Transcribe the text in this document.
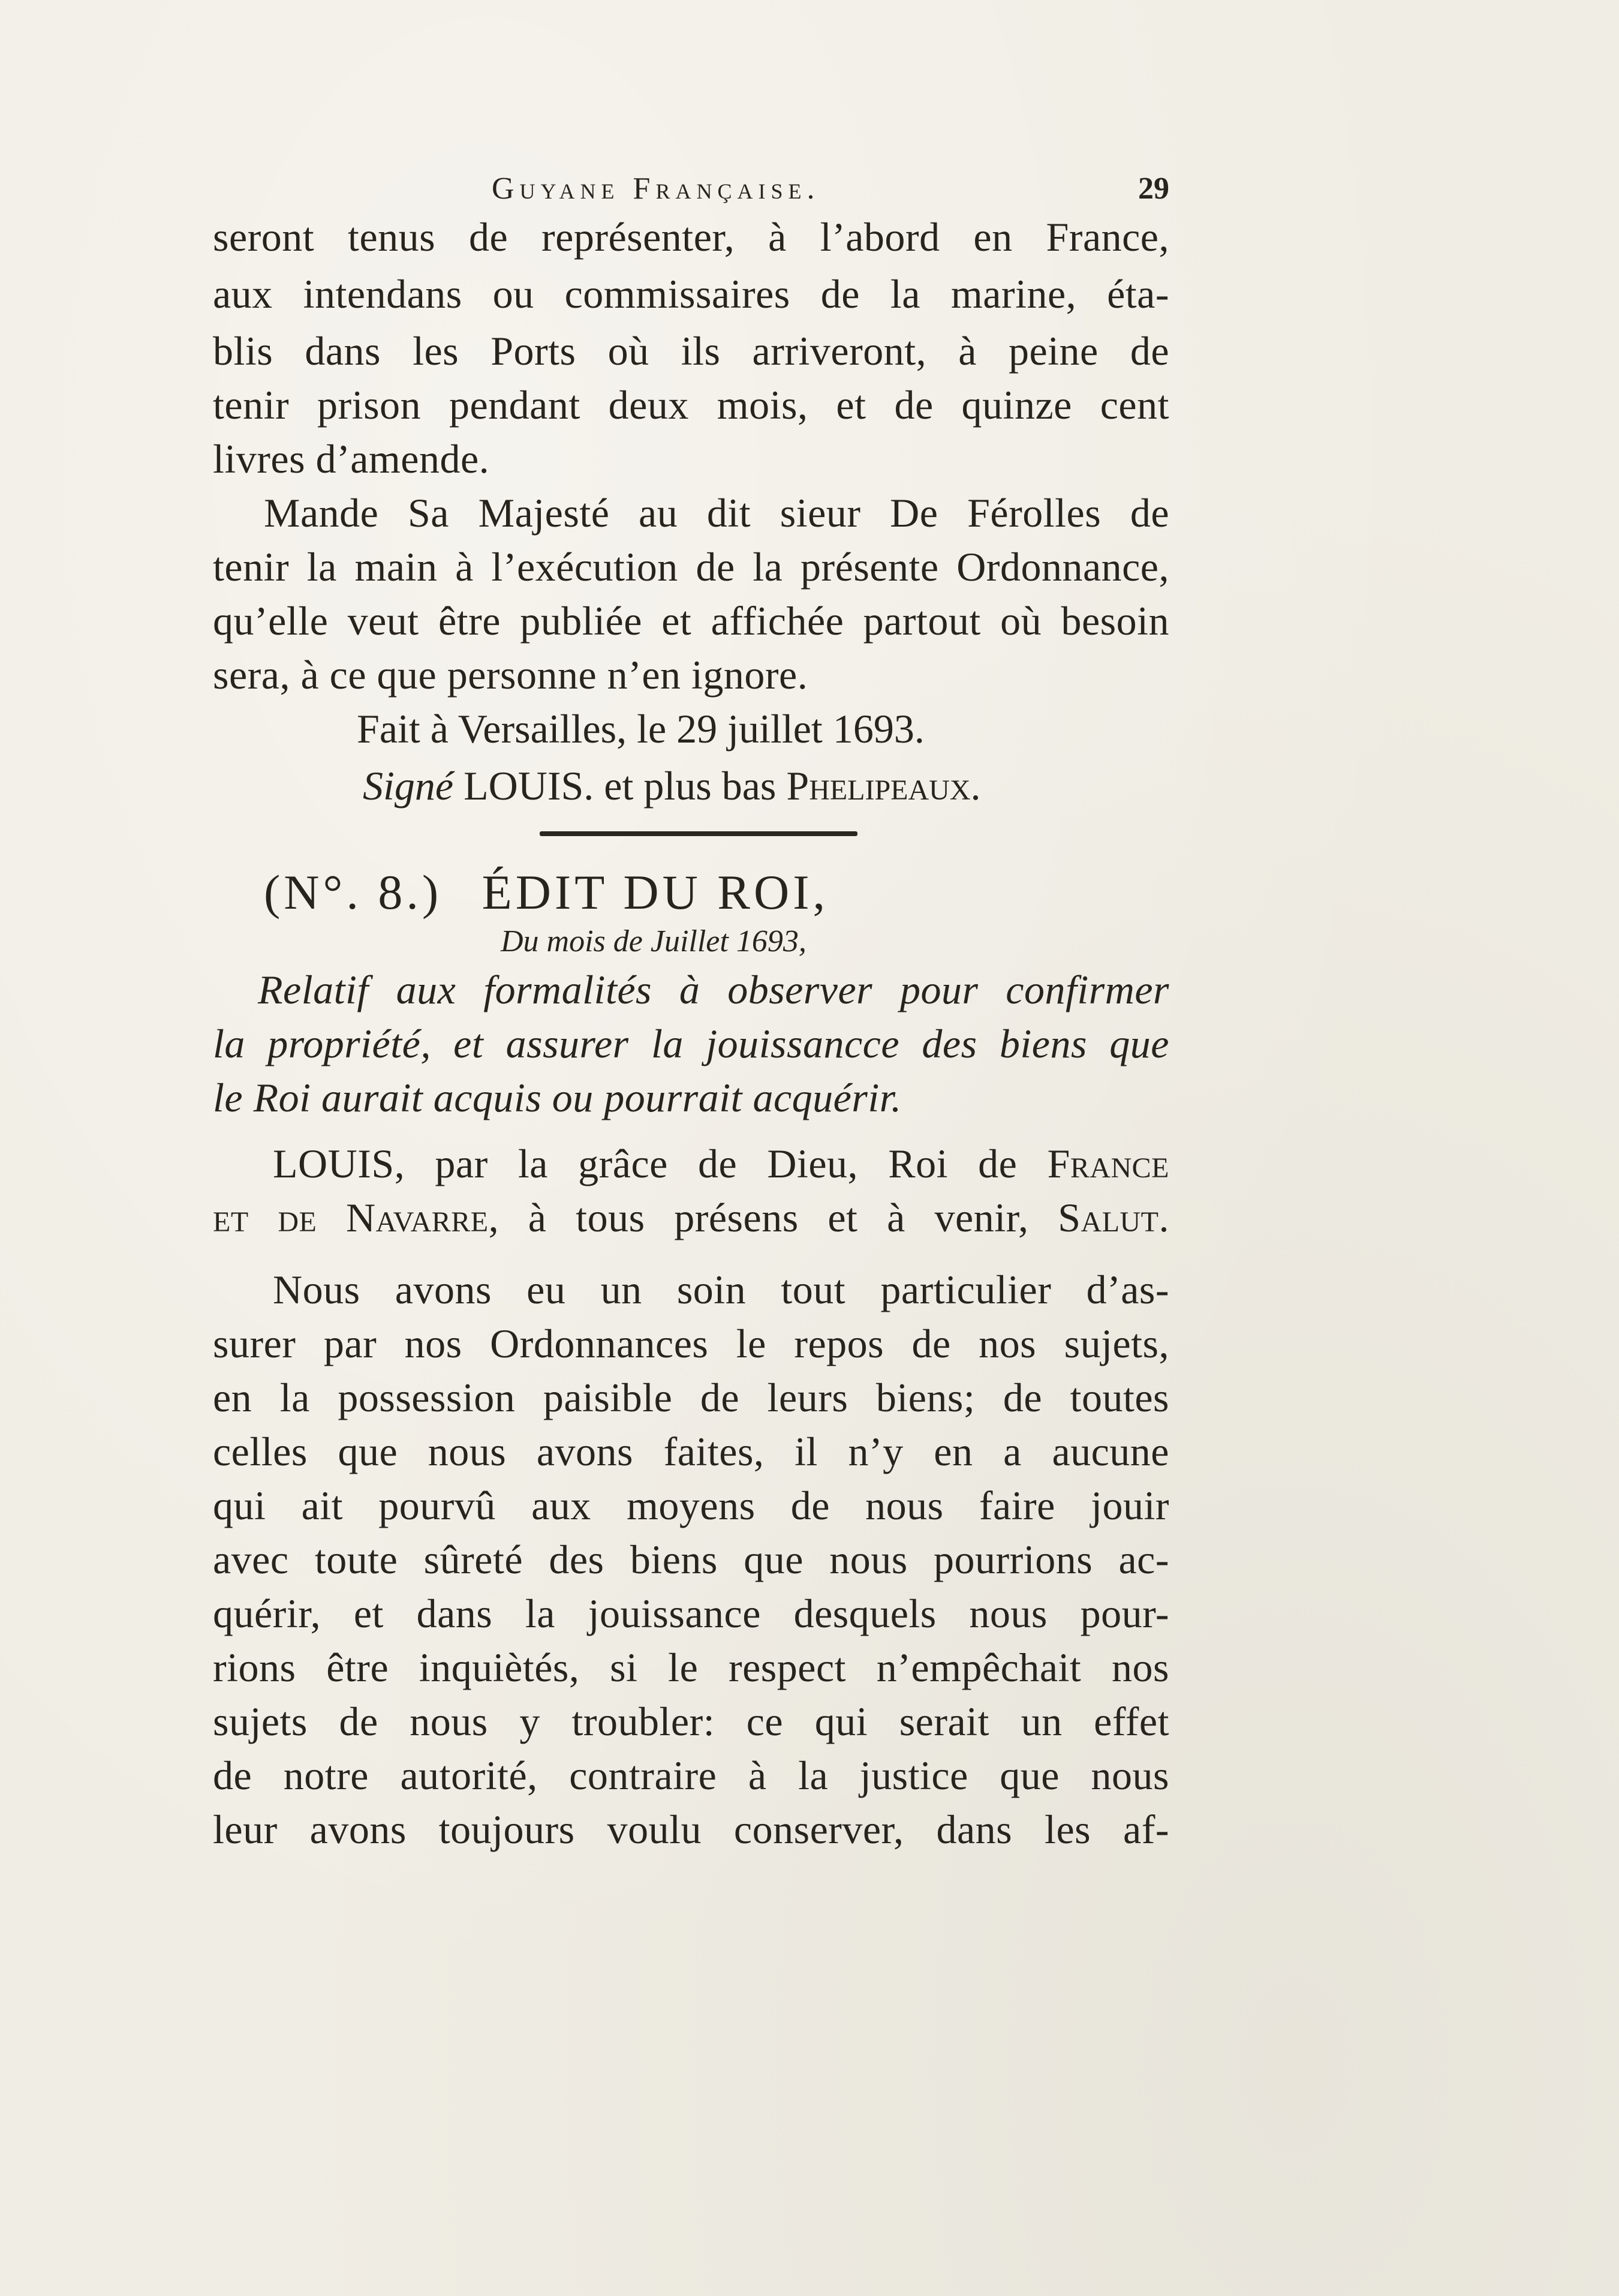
Guyane Française.	29

seront tenus de représenter, à l’abord en France,

aux intendans ou commissaires de la marine, éta-

blis dans les Ports où ils arriveront, à peine de

tenir prison pendant deux mois, et de quinze cent

livres d’amende.

Mande Sa Majesté au dit sieur De Férolles de

tenir la main à l’exécution de la présente Ordonnance,

qu’elle veut être publiée et affichée partout où besoin

sera, à ce que personne n’en ignore.

Fait à Versailles, le 29 juillet 1693.
Signé LOUIS. et plus bas Phelipeaux.
(N°. 8.) ÉDIT DU ROI,
Du mois de Juillet 1693,

Relatif aux formalités à observer pour confirmer

la propriété, et assurer la jouissancce des biens que

le Roi aurait acquis ou pourrait acquérir.

LOUIS, par la grâce de Dieu, Roi de France

et de Navarre, à tous présens et à venir, Salut.

Nous avons eu un soin tout particulier d’as-

surer par nos Ordonnances le repos de nos sujets,

en la possession paisible de leurs biens; de toutes

celles que nous avons faites, il n’y en a aucune

qui ait pourvû aux moyens de nous faire jouir

avec toute sûreté des biens que nous pourrions ac-

quérir, et dans la jouissance desquels nous pour-

rions être inquiètés, si le respect n’empêchait nos

sujets de nous y troubler: ce qui serait un effet

de notre autorité, contraire à la justice que nous

leur avons toujours voulu conserver, dans les af-
